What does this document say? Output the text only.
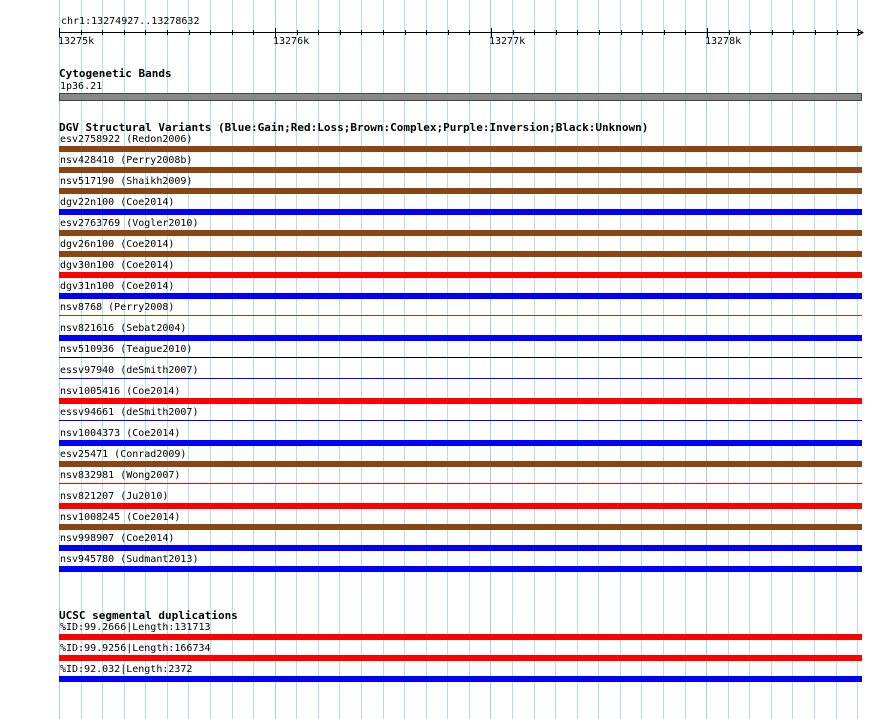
chr1:13274927..13278632
13275k	13276k	13277k	13278k
Cytogenetic Bands
1p36.21
DGV Structural Variants (Blue:Gain;Red:Loss;Brown:Complex;Purple:Inversion;Black:Unknown)
esv2758922 (Redon2006)
nsv428410 (Perry2008b)
nsv517190 (Shaikh2009)
dgv22n100 (Coe2014)
esv2763769 (Vogler2010)
dgv26n100 (Coe2014)
dgv30n100 (Coe2014)
dgv31n100 (Coe2014)
nsv8768 (Perry2008)
nsv821616 (Sebat2004)
nsv510936 (Teague2010)
essv97940 (deSmith2007)
nsv1005416 (Coe2014)
essv94661 (deSmith2007)
nsv1004373 (Coe2014)
esv25471 (Conrad2009)
nsv832981 (Wong2007)
nsv821207 (Ju2010)
nsv1008245 (Coe2014)
nsv998907 (Coe2014)
nsv945780 (Sudmant2013)
UCSC segmental duplications
%ID:99.2666|Length:131713
%ID:99.9256|Length:166734
%ID:92.032|Length:2372
